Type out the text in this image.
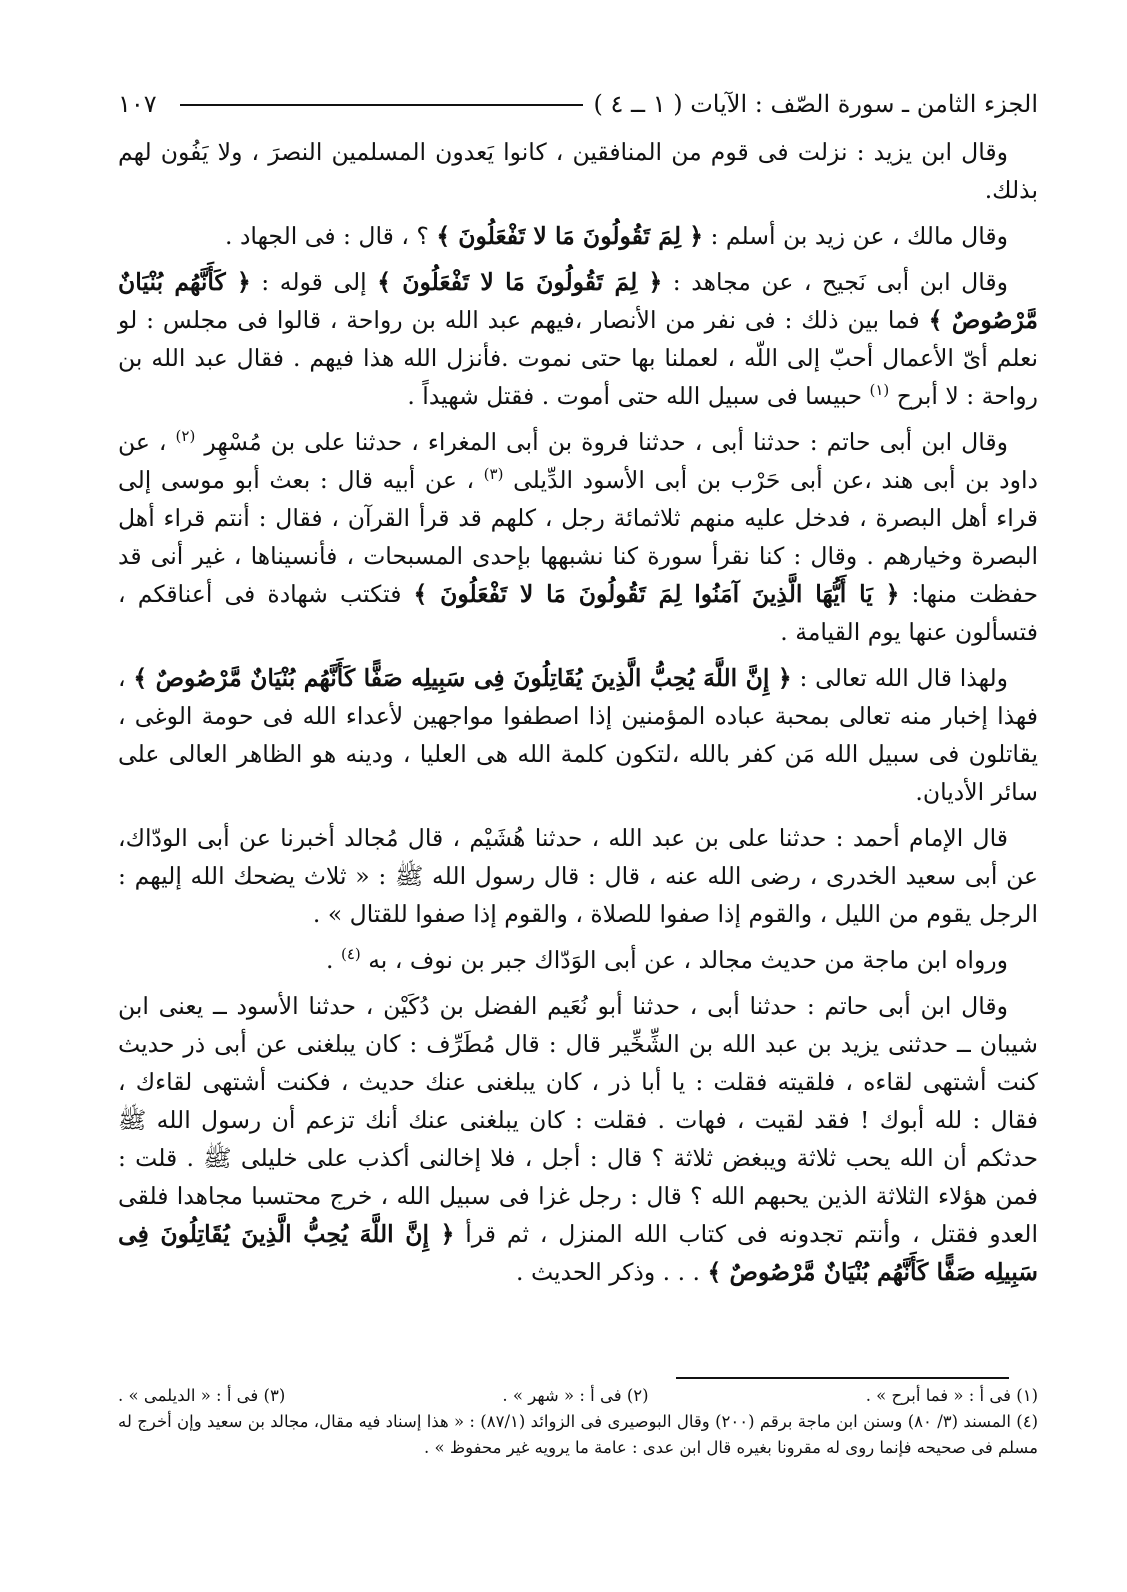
الجزء الثامن ـ سورة الصّف : الآيات ( ١ ــ ٤ )
١٠٧

وقال ابن يزيد : نزلت فى قوم من المنافقين ، كانوا يَعدون المسلمين النصرَ ، ولا يَفُون لهم بذلك.

وقال مالك ، عن زيد بن أسلم : ﴿ لِمَ تَقُولُونَ مَا لا تَفْعَلُونَ ﴾ ؟ ، قال : فى الجهاد .

وقال ابن أبى نَجيح ، عن مجاهد : ﴿ لِمَ تَقُولُونَ مَا لا تَفْعَلُونَ ﴾ إلى قوله : ﴿ كَأَنَّهُم بُنْيَانٌ مَّرْصُوصٌ ﴾ فما بين ذلك : فى نفر من الأنصار ،فيهم عبد الله بن رواحة ، قالوا فى مجلس : لو نعلم أىّ الأعمال أحبّ إلى اللّه ، لعملنا بها حتى نموت .فأنزل الله هذا فيهم . فقال عبد الله بن رواحة : لا أبرح $^{(١)}$ حبيسا فى سبيل الله حتى أموت . فقتل شهيداً .

وقال ابن أبى حاتم : حدثنا أبى ، حدثنا فروة بن أبى المغراء ، حدثنا على بن مُسْهِر $^{(٢)}$ ، عن داود بن أبى هند ،عن أبى حَرْب بن أبى الأسود الدِّيلى $^{(٣)}$ ، عن أبيه قال : بعث أبو موسى إلى قراء أهل البصرة ، فدخل عليه منهم ثلاثمائة رجل ، كلهم قد قرأ القرآن ، فقال : أنتم قراء أهل البصرة وخيارهم . وقال : كنا نقرأ سورة كنا نشبهها بإحدى المسبحات ، فأنسيناها ، غير أنى قد حفظت منها: ﴿ يَا أَيُّهَا الَّذِينَ آمَنُوا لِمَ تَقُولُونَ مَا لا تَفْعَلُونَ ﴾ فتكتب شهادة فى أعناقكم ، فتسألون عنها يوم القيامة .

ولهذا قال الله تعالى : ﴿ إِنَّ اللَّهَ يُحِبُّ الَّذِينَ يُقَاتِلُونَ فِى سَبِيلِه صَفًّا كَأَنَّهُم بُنْيَانٌ مَّرْصُوصٌ ﴾ ، فهذا إخبار منه تعالى بمحبة عباده المؤمنين إذا اصطفوا مواجهين لأعداء الله فى حومة الوغى ، يقاتلون فى سبيل الله مَن كفر بالله ،لتكون كلمة الله هى العليا ، ودينه هو الظاهر العالى على سائر الأديان.

قال الإمام أحمد : حدثنا على بن عبد الله ، حدثنا هُشَيْم ، قال مُجالد أخبرنا عن أبى الودّاك، عن أبى سعيد الخدرى ، رضى الله عنه ، قال : قال رسول الله ﷺ : « ثلاث يضحك الله إليهم : الرجل يقوم من الليل ، والقوم إذا صفوا للصلاة ، والقوم إذا صفوا للقتال » .

ورواه ابن ماجة من حديث مجالد ، عن أبى الوَدّاك جبر بن نوف ، به $^{(٤)}$ .

وقال ابن أبى حاتم : حدثنا أبى ، حدثنا أبو نُعَيم الفضل بن دُكَيْن ، حدثنا الأسود ــ يعنى ابن شيبان ــ حدثنى يزيد بن عبد الله بن الشِّخِّير قال : قال مُطَرِّف : كان يبلغنى عن أبى ذر حديث كنت أشتهى لقاءه ، فلقيته فقلت : يا أبا ذر ، كان يبلغنى عنك حديث ، فكنت أشتهى لقاءك ، فقال : لله أبوك ! فقد لقيت ، فهات . فقلت : كان يبلغنى عنك أنك تزعم أن رسول الله ﷺ حدثكم أن الله يحب ثلاثة ويبغض ثلاثة ؟ قال : أجل ، فلا إخالنى أكذب على خليلى ﷺ . قلت : فمن هؤلاء الثلاثة الذين يحبهم الله ؟ قال : رجل غزا فى سبيل الله ، خرج محتسبا مجاهدا فلقى العدو فقتل ، وأنتم تجدونه فى كتاب الله المنزل ، ثم قرأ ﴿ إِنَّ اللَّهَ يُحِبُّ الَّذِينَ يُقَاتِلُونَ فِى سَبِيلِه صَفًّا كَأَنَّهُم بُنْيَانٌ مَّرْصُوصٌ ﴾ . . . وذكر الحديث .

(١) فى أ : « فما أبرح » .
(٢) فى أ : « شهر » .
(٣) فى أ : « الديلمى » .

(٤) المسند (٣/ ٨٠) وسنن ابن ماجة برقم (٢٠٠) وقال البوصيرى فى الزوائد (٨٧/١) : « هذا إسناد فيه مقال، مجالد بن سعيد وإن أخرج له مسلم فى صحيحه فإنما روى له مقرونا بغيره قال ابن عدى : عامة ما يرويه غير محفوظ » .
